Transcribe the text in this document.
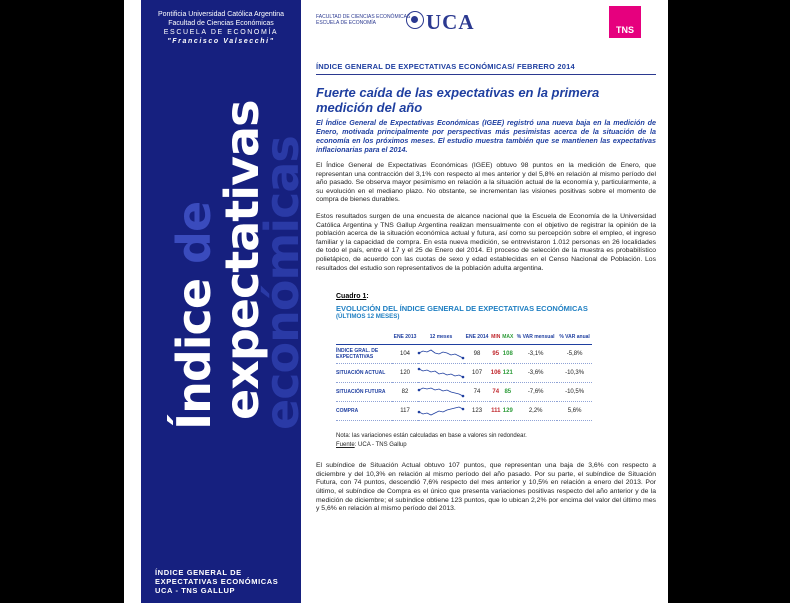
Pontificia Universidad Católica Argentina
Facultad de Ciencias Económicas
ESCUELA DE ECONOMÍA
"Francisco Valsecchi"
Índice de
expectativas
económicas
ÍNDICE GENERAL DE
EXPECTATIVAS ECONÓMICAS
UCA - TNS GALLUP
FACULTAD DE CIENCIAS ECONÓMICAS
ESCUELA DE ECONOMÍA	UCA	TNS
ÍNDICE GENERAL DE EXPECTATIVAS ECONÓMICAS/ FEBRERO 2014
Fuerte caída de las expectativas en la primera medición del año
El Índice General de Expectativas Económicas (IGEE) registró una nueva baja en la medición de Enero, motivada principalmente por perspectivas más pesimistas acerca de la situación de la economía en los próximos meses. El estudio muestra también que se mantienen las expectativas inflacionarias para el 2014.

El Índice General de Expectativas Económicas (IGEE) obtuvo 98 puntos en la medición de Enero, que representan una contracción del 3,1% con respecto al mes anterior y del 5,8% en relación al mismo período del año pasado. Se observa mayor pesimismo en relación a la situación actual de la economía y, particularmente, a su evolución en el mediano plazo. No obstante, se incrementan las visiones positivas sobre el momento de compra de bienes durables.

Estos resultados surgen de una encuesta de alcance nacional que la Escuela de Economía de la Universidad Católica Argentina y TNS Gallup Argentina realizan mensualmente con el objetivo de registrar la opinión de la población acerca de la situación económica actual y futura, así como su percepción sobre el empleo, el ingreso familiar y la capacidad de compra. En esta nueva medición, se entrevistaron 1.012 personas en 26 localidades de todo el país, entre el 17 y el 25 de Enero del 2014. El proceso de selección de la muestra es probabilístico polietápico, de acuerdo con las cuotas de sexo y edad establecidas en el Censo Nacional de Población. Los resultados del estudio son representativos de la población adulta argentina.

Cuadro 1:
EVOLUCIÓN DEL ÍNDICE GENERAL DE EXPECTATIVAS ECONÓMICAS
(ÚLTIMOS 12 MESES)
	ENE 2013	12 meses	ENE 2014	MIN	MAX	% VAR mensual	% VAR anual
ÍNDICE GRAL. DE EXPECTATIVAS	104		98	95	108	-3,1%	-5,8%
SITUACIÓN ACTUAL	120		107	106	121	-3,6%	-10,3%
SITUACIÓN FUTURA	82		74	74	85	-7,6%	-10,5%
COMPRA	117		123	111	129	2,2%	5,6%
Nota: las variaciones están calculadas en base a valores sin redondear.
Fuente: UCA - TNS Gallup

El subíndice de Situación Actual obtuvo 107 puntos, que representan una baja de 3,6% con respecto a diciembre y del 10,3% en relación al mismo período del año pasado. Por su parte, el subíndice de Situación Futura, con 74 puntos, descendió 7,6% respecto del mes anterior y 10,5% en relación a enero del 2013. Por último, el subíndice de Compra es el único que presenta variaciones positivas respecto del año anterior y de la medición de diciembre; el subíndice obtiene 123 puntos, que lo ubican 2,2% por encima del valor del último mes y 5,6% en relación al mismo período del 2013.
